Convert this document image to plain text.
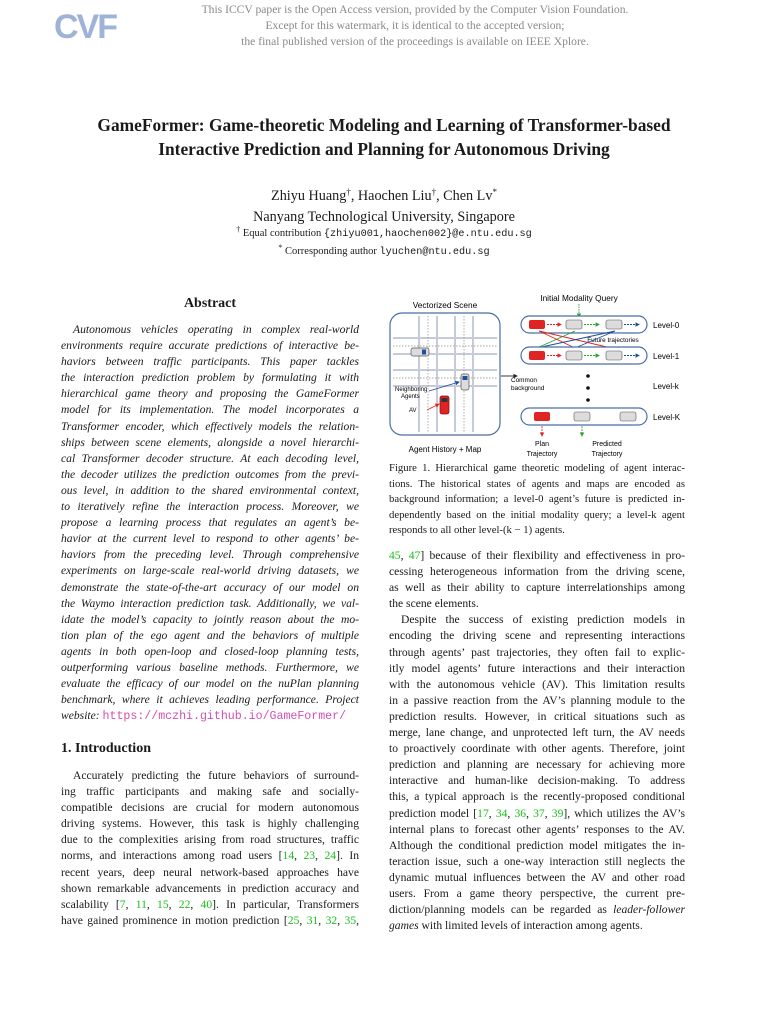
CVF	This ICCV paper is the Open Access version, provided by the Computer Vision Foundation.
Except for this watermark, it is identical to the accepted version;
the final published version of the proceedings is available on IEEE Xplore.
GameFormer: Game-theoretic Modeling and Learning of Transformer-based
Interactive Prediction and Planning for Autonomous Driving
Zhiyu Huang†, Haochen Liu†, Chen Lv*
Nanyang Technological University, Singapore
† Equal contribution {zhiyu001,haochen002}@e.ntu.edu.sg
* Corresponding author lyuchen@ntu.edu.sg
Abstract
Autonomous vehicles operating in complex real-world
environments require accurate predictions of interactive be-
haviors between traffic participants. This paper tackles
the interaction prediction problem by formulating it with
hierarchical game theory and proposing the GameFormer
model for its implementation. The model incorporates a
Transformer encoder, which effectively models the relation-
ships between scene elements, alongside a novel hierarchi-
cal Transformer decoder structure. At each decoding level,
the decoder utilizes the prediction outcomes from the previ-
ous level, in addition to the shared environmental context,
to iteratively refine the interaction process. Moreover, we
propose a learning process that regulates an agent’s be-
havior at the current level to respond to other agents’ be-
haviors from the preceding level. Through comprehensive
experiments on large-scale real-world driving datasets, we
demonstrate the state-of-the-art accuracy of our model on
the Waymo interaction prediction task. Additionally, we val-
idate the model’s capacity to jointly reason about the mo-
tion plan of the ego agent and the behaviors of multiple
agents in both open-loop and closed-loop planning tests,
outperforming various baseline methods. Furthermore, we
evaluate the efficacy of our model on the nuPlan planning
benchmark, where it achieves leading performance. Project
website: https://mczhi.github.io/GameFormer/
1. Introduction
Accurately predicting the future behaviors of surround-
ing traffic participants and making safe and socially-
compatible decisions are crucial for modern autonomous
driving systems. However, this task is highly challenging
due to the complexities arising from road structures, traffic
norms, and interactions among road users [14, 23, 24]. In
recent years, deep neural network-based approaches have
shown remarkable advancements in prediction accuracy and
scalability [7, 11, 15, 22, 40]. In particular, Transformers
have gained prominence in motion prediction [25, 31, 32, 35,
Vectorized Scene
Neighboring
Agents
AV
Agent History + Map
Initial Modality Query
Level-0
Future trajectories
Level-1
Common
background	Level-k
Level-K
Plan
Trajectory
Predicted
Trajectory
Figure 1. Hierarchical game theoretic modeling of agent interac-
tions. The historical states of agents and maps are encoded as
background information; a level-0 agent’s future is predicted in-
dependently based on the initial modality query; a level-k agent
responds to all other level-(k − 1) agents.
45, 47] because of their flexibility and effectiveness in pro-
cessing heterogeneous information from the driving scene,
as well as their ability to capture interrelationships among
the scene elements.
Despite the success of existing prediction models in
encoding the driving scene and representing interactions
through agents’ past trajectories, they often fail to explic-
itly model agents’ future interactions and their interaction
with the autonomous vehicle (AV). This limitation results
in a passive reaction from the AV’s planning module to the
prediction results. However, in critical situations such as
merge, lane change, and unprotected left turn, the AV needs
to proactively coordinate with other agents. Therefore, joint
prediction and planning are necessary for achieving more
interactive and human-like decision-making. To address
this, a typical approach is the recently-proposed conditional
prediction model [17, 34, 36, 37, 39], which utilizes the AV’s
internal plans to forecast other agents’ responses to the AV.
Although the conditional prediction model mitigates the in-
teraction issue, such a one-way interaction still neglects the
dynamic mutual influences between the AV and other road
users. From a game theory perspective, the current pre-
diction/planning models can be regarded as leader-follower
games with limited levels of interaction among agents.
